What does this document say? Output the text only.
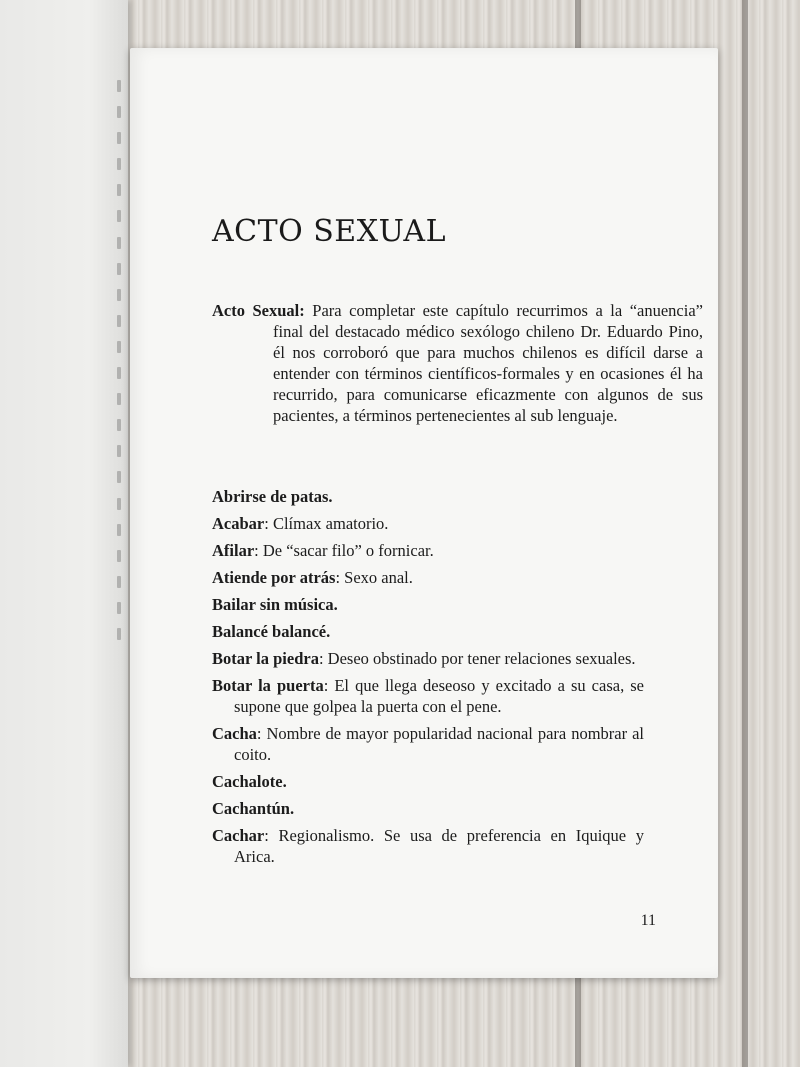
ACTO SEXUAL

Acto Sexual: Para completar este capítulo recurrimos a la “anuencia” final del destacado médico sexólogo chileno Dr. Eduardo Pino, él nos corroboró que para muchos chilenos es difícil darse a entender con términos científicos-formales y en ocasiones él ha recurrido, para comunicarse eficazmente con algunos de sus pacientes, a términos pertenecientes al sub lenguaje.

Abrirse de patas.
Acabar: Clímax amatorio.
Afilar: De “sacar filo” o fornicar.
Atiende por atrás: Sexo anal.
Bailar sin música.
Balancé balancé.
Botar la piedra: Deseo obstinado por tener relaciones sexuales.
Botar la puerta: El que llega deseoso y excitado a su casa, se supone que golpea la puerta con el pene.
Cacha: Nombre de mayor popularidad nacional para nombrar al coito.
Cachalote.
Cachantún.
Cachar: Regionalismo. Se usa de preferencia en Iquique y Arica.
11
